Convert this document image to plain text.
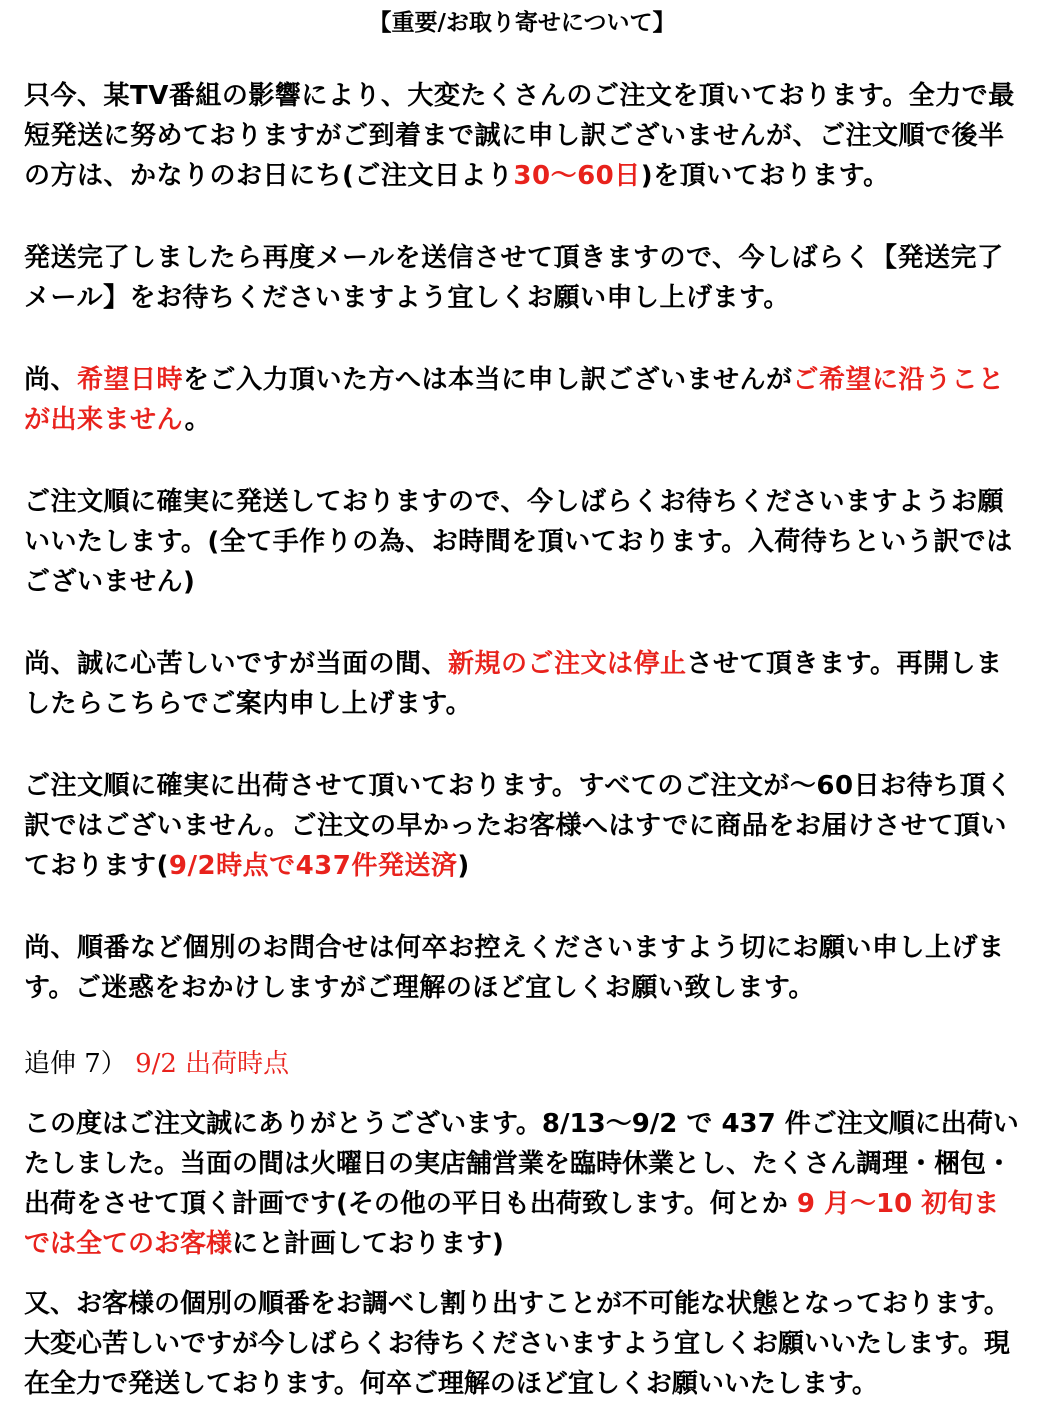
【重要/お取り寄せについて】

只今、某TV番組の影響により、大変たくさんのご注文を頂いております。全力で最短発送に努めておりますがご到着まで誠に申し訳ございませんが、ご注文順で後半の方は、かなりのお日にち(ご注文日より30～60日)を頂いております。

発送完了しましたら再度メールを送信させて頂きますので、今しばらく【発送完了メール】をお待ちくださいますよう宜しくお願い申し上げます。

尚、希望日時をご入力頂いた方へは本当に申し訳ございませんがご希望に沿うことが出来ません。

ご注文順に確実に発送しておりますので、今しばらくお待ちくださいますようお願いいたします。(全て手作りの為、お時間を頂いております。入荷待ちという訳ではございません)

尚、誠に心苦しいですが当面の間、新規のご注文は停止させて頂きます。再開しましたらこちらでご案内申し上げます。

ご注文順に確実に出荷させて頂いております。すべてのご注文が～60日お待ち頂く訳ではございません。ご注文の早かったお客様へはすでに商品をお届けさせて頂いております(9/2時点で437件発送済)

尚、順番など個別のお問合せは何卒お控えくださいますよう切にお願い申し上げます。ご迷惑をおかけしますがご理解のほど宜しくお願い致します。

追伸 7） 9/2 出荷時点

この度はご注文誠にありがとうございます。8/13～9/2 で 437 件ご注文順に出荷いたしました。当面の間は火曜日の実店舗営業を臨時休業とし、たくさん調理・梱包・出荷をさせて頂く計画です(その他の平日も出荷致します。何とか 9 月～10 初旬までは全てのお客様にと計画しております)

又、お客様の個別の順番をお調べし割り出すことが不可能な状態となっております。大変心苦しいですが今しばらくお待ちくださいますよう宜しくお願いいたします。現在全力で発送しております。何卒ご理解のほど宜しくお願いいたします。
